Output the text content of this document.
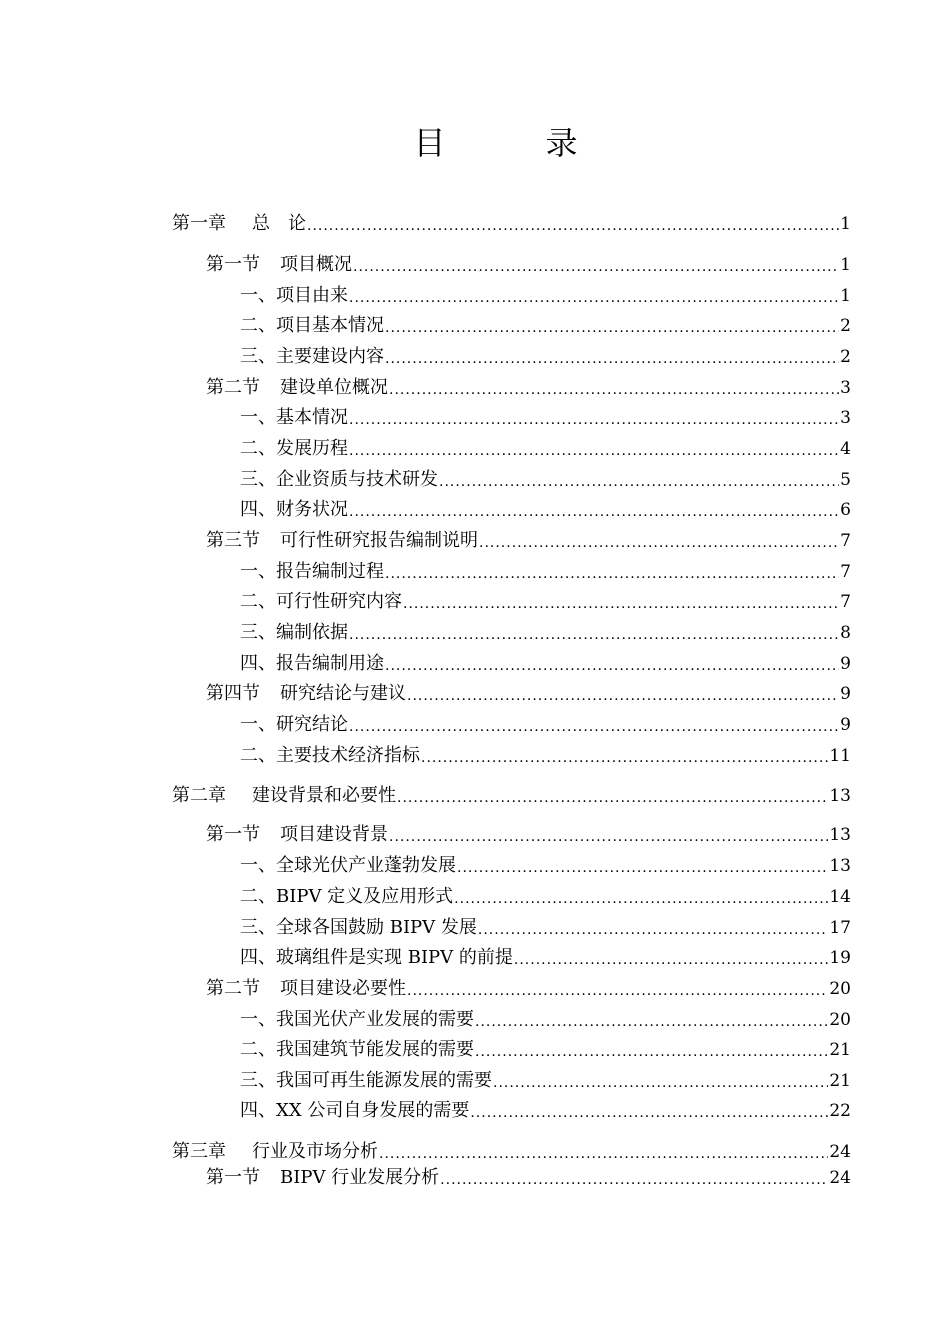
目　录
第一章 总　论 .....	1
第一节 项目概况 .....	1
一、项目由来 .....	1
二、项目基本情况 .....	2
三、主要建设内容 .....	2
第二节 建设单位概况 .....	3
一、基本情况 .....	3
二、发展历程 .....	4
三、企业资质与技术研发 .....	5
四、财务状况 .....	6
第三节 可行性研究报告编制说明 .....	7
一、报告编制过程 .....	7
二、可行性研究内容 .....	7
三、编制依据 .....	8
四、报告编制用途 .....	9
第四节 研究结论与建议 .....	9
一、研究结论 .....	9
二、主要技术经济指标 .....	11
第二章 建设背景和必要性 .....	13
第一节 项目建设背景 .....	13
一、全球光伏产业蓬勃发展 .....	13
二、BIPV 定义及应用形式 .....	14
三、全球各国鼓励 BIPV 发展 .....	17
四、玻璃组件是实现 BIPV 的前提 .....	19
第二节 项目建设必要性 .....	20
一、我国光伏产业发展的需要 .....	20
二、我国建筑节能发展的需要 .....	21
三、我国可再生能源发展的需要 .....	21
四、XX 公司自身发展的需要 .....	22
第三章 行业及市场分析 .....	24
第一节 BIPV 行业发展分析 .....	24
